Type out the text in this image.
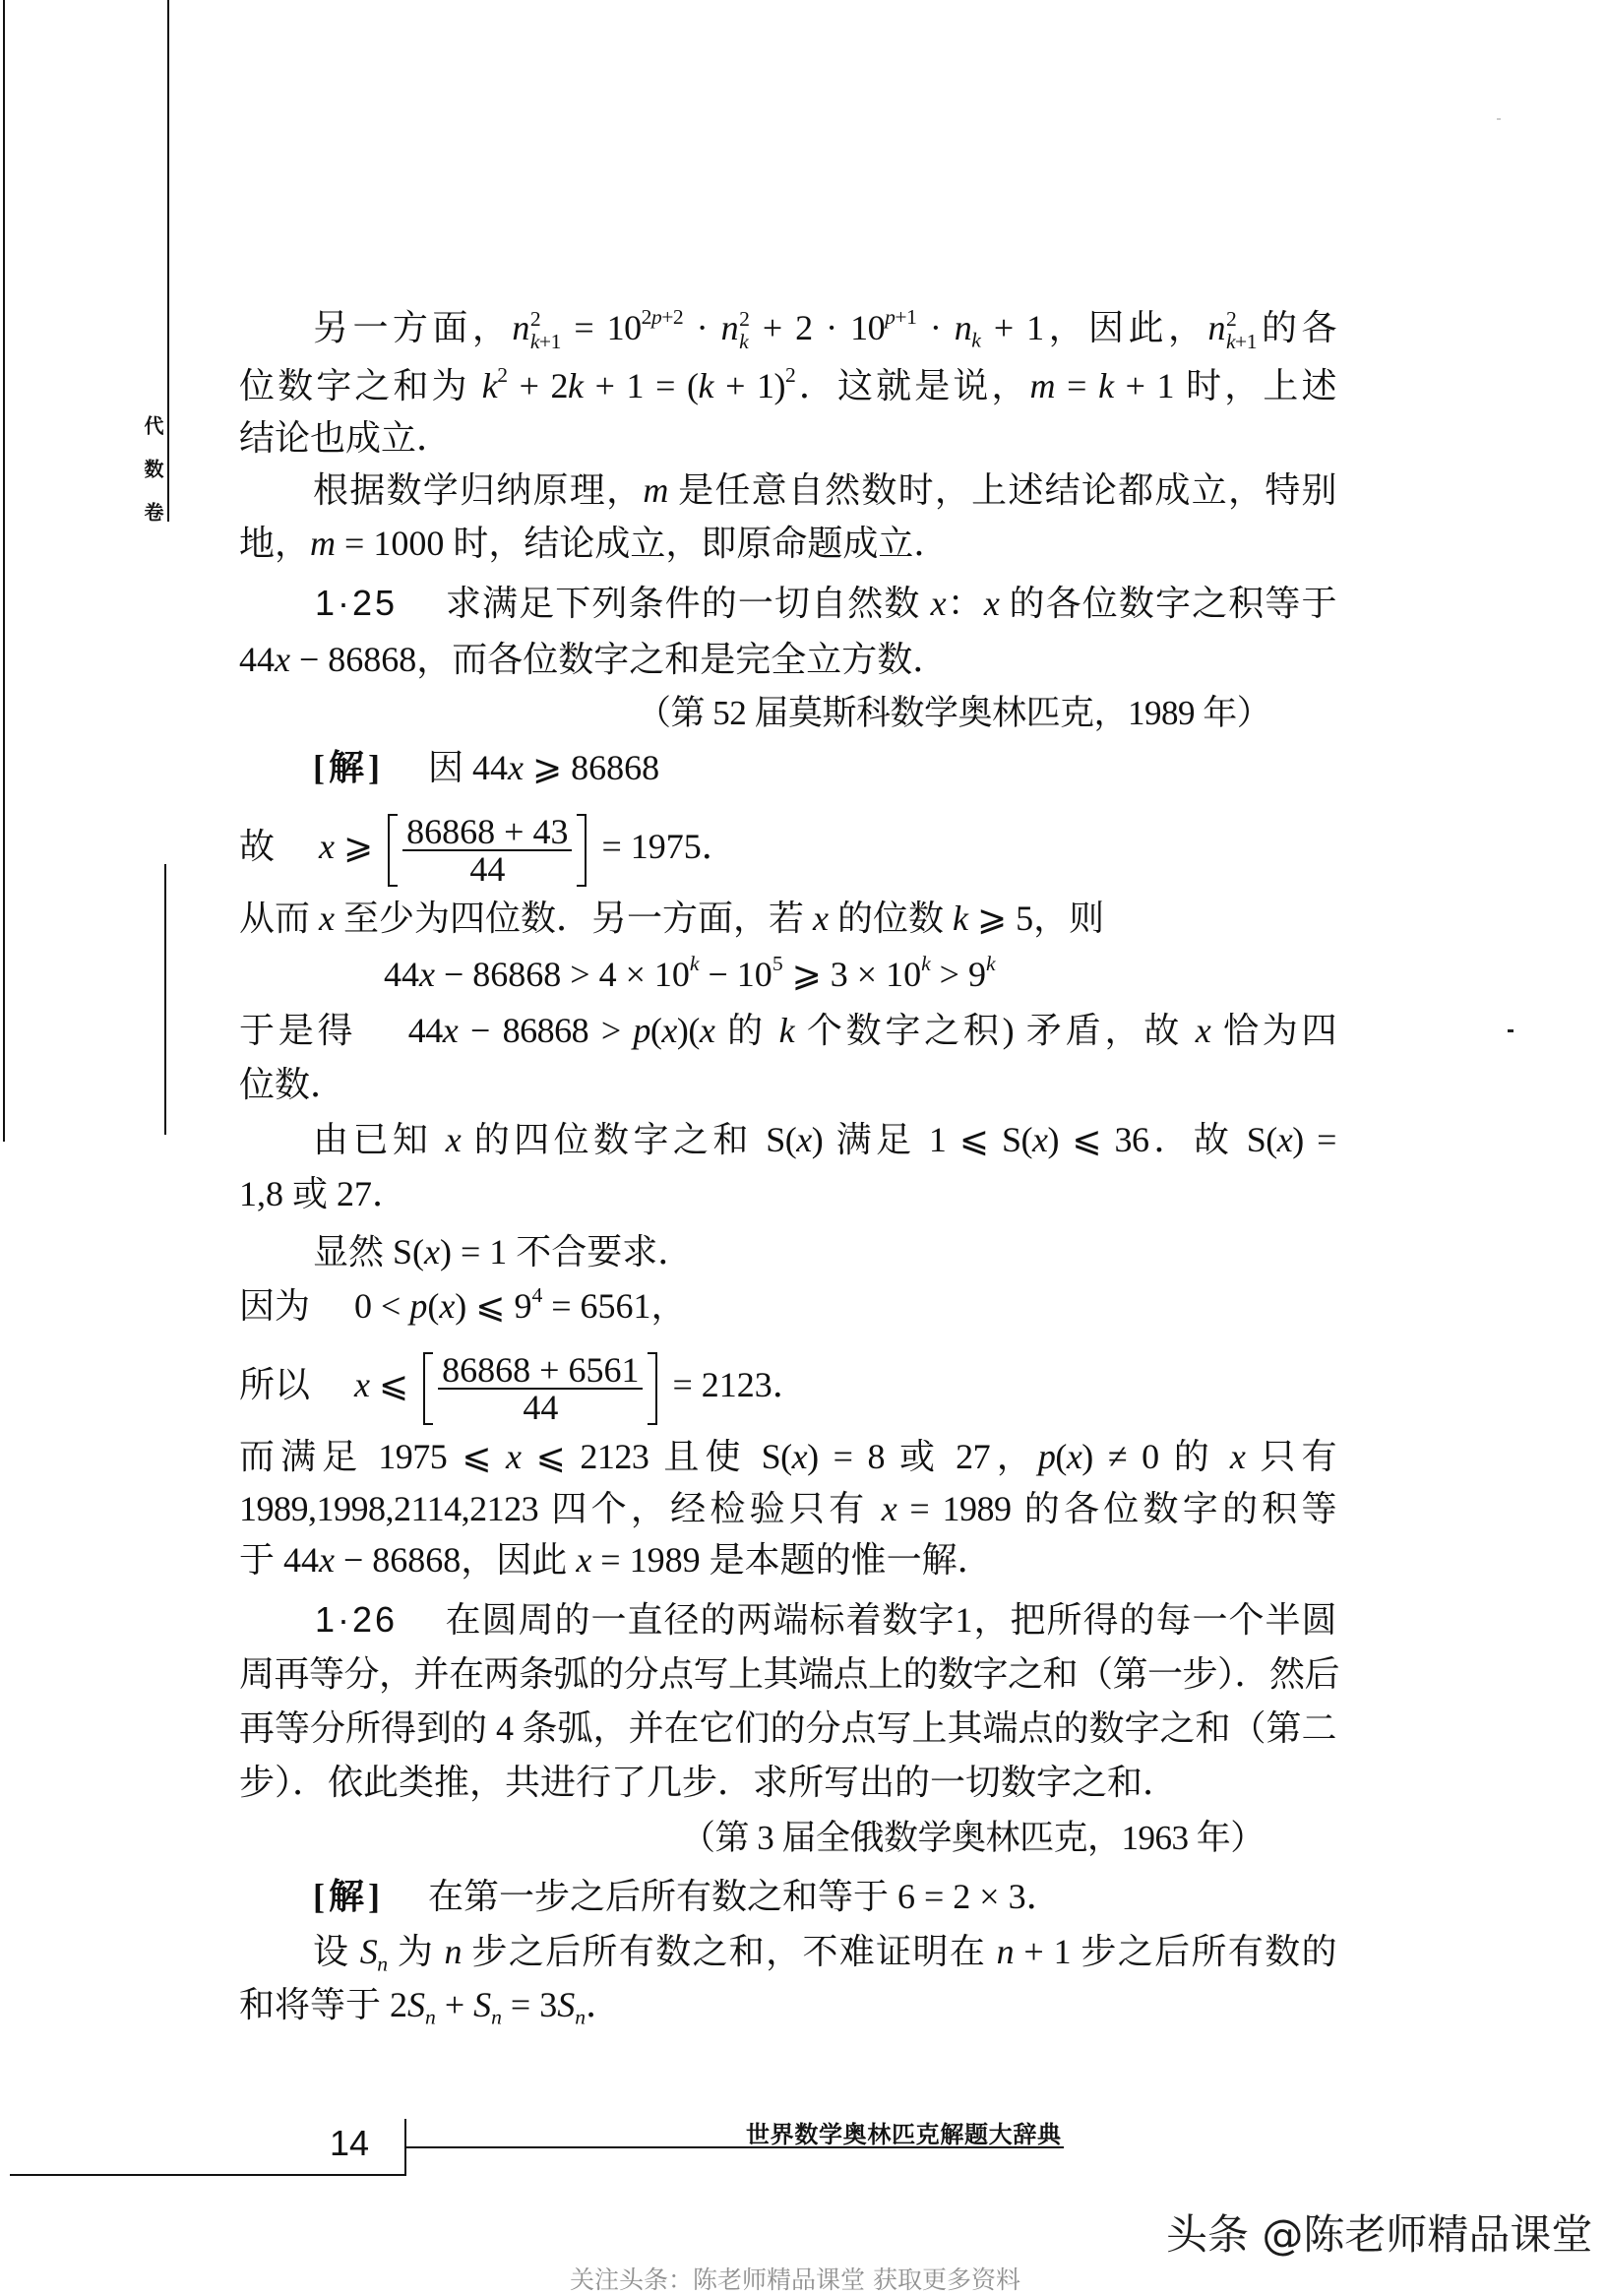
代数卷
另一方面，n 2
$k+1 = 10^{2p+2} \cdot n$ 2
$k + 2 \cdot 10^{p+1} \cdot n_k + 1$，因此，n 2
k+1 的各
位数字之和为 $k^2 + 2k + 1 = (k + 1)^2$．这就是说，m = k + 1 时，上述
结论也成立．
根据数学归纳原理，m 是任意自然数时，上述结论都成立，特别
地，m = 1000 时，结论成立，即原命题成立．
1·25　 求满足下列条件的一切自然数 x：x 的各位数字之积等于
44x − 86868，而各位数字之和是完全立方数．
（第 52 届莫斯科数学奥林匹克，1989 年）
[解]　 因 44x ⩾ 86868
故　 x ⩾ $\frac{86868 + 43}{44} = 1975$．
从而 x 至少为四位数．另一方面，若 x 的位数 k ⩾ 5，则
$44x - 86868 > 4 \times 10^k - 10^5$ ⩾ $3 \times 10^k > 9^k$
于是得　 44x − 86868 > p(x)(x 的 k 个数字之积) 矛盾，故 x 恰为四
位数．
由已知 x 的四位数字之和 S(x) 满足 1 ⩽ S(x) ⩽ 36．故 S(x) =
1,8 或 27．
显然 S(x) = 1 不合要求．
因为　 0 < p(x) ⩽ $9^4 = 6561$，
所以　 x ⩽ $\frac{86868 + 6561}{44} = 2123$．
而满足 1975 ⩽ x ⩽ 2123 且使 S(x) = 8 或 27，p(x) ≠ 0 的 x 只有
1989,1998,2114,2123 四个，经检验只有 x = 1989 的各位数字的积等
于 44x − 86868，因此 x = 1989 是本题的惟一解．
1·26　 在圆周的一直径的两端标着数字1，把所得的每一个半圆
周再等分，并在两条弧的分点写上其端点上的数字之和（第一步）．然后
再等分所得到的 4 条弧，并在它们的分点写上其端点的数字之和（第二
步）．依此类推，共进行了几步．求所写出的一切数字之和．
（第 3 届全俄数学奥林匹克，1963 年）
[解]　 在第一步之后所有数之和等于 6 = 2 × 3．
设 $S_n$ 为 n 步之后所有数之和，不难证明在 n + 1 步之后所有数的
和将等于 $2S_n + S_n = 3S_n$．
14	世界数学奥林匹克解题大辞典
头条 @陈老师精品课堂
关注头条：陈老师精品课堂 获取更多资料
